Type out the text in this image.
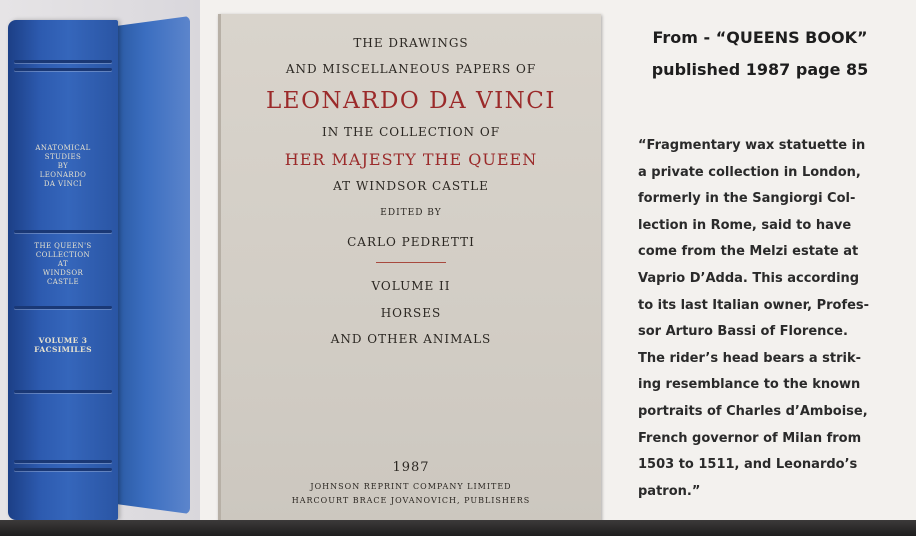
ANATOMICAL
STUDIES
BY
LEONARDO
DA VINCI
THE QUEEN'S
COLLECTION
AT
WINDSOR
CASTLE
VOLUME 3
FACSIMILES
THE DRAWINGS
AND MISCELLANEOUS PAPERS OF
LEONARDO DA VINCI
IN THE COLLECTION OF
HER MAJESTY THE QUEEN
AT WINDSOR CASTLE
EDITED BY
CARLO PEDRETTI
VOLUME II
HORSES
AND OTHER ANIMALS
1987
JOHNSON REPRINT COMPANY LIMITED
HARCOURT BRACE JOVANOVICH, PUBLISHERS
From - “QUEENS BOOK”
published 1987 page 85
“Fragmentary wax statuette in
a private collection in London,
formerly in the Sangiorgi Col-
lection in Rome, said to have
come from the Melzi estate at
Vaprio D’Adda. This according
to its last Italian owner, Profes-
sor Arturo Bassi of Florence.
The rider’s head bears a strik-
ing resemblance to the known
portraits of Charles d’Amboise,
French governor of Milan from
1503 to 1511, and Leonardo’s
patron.”
